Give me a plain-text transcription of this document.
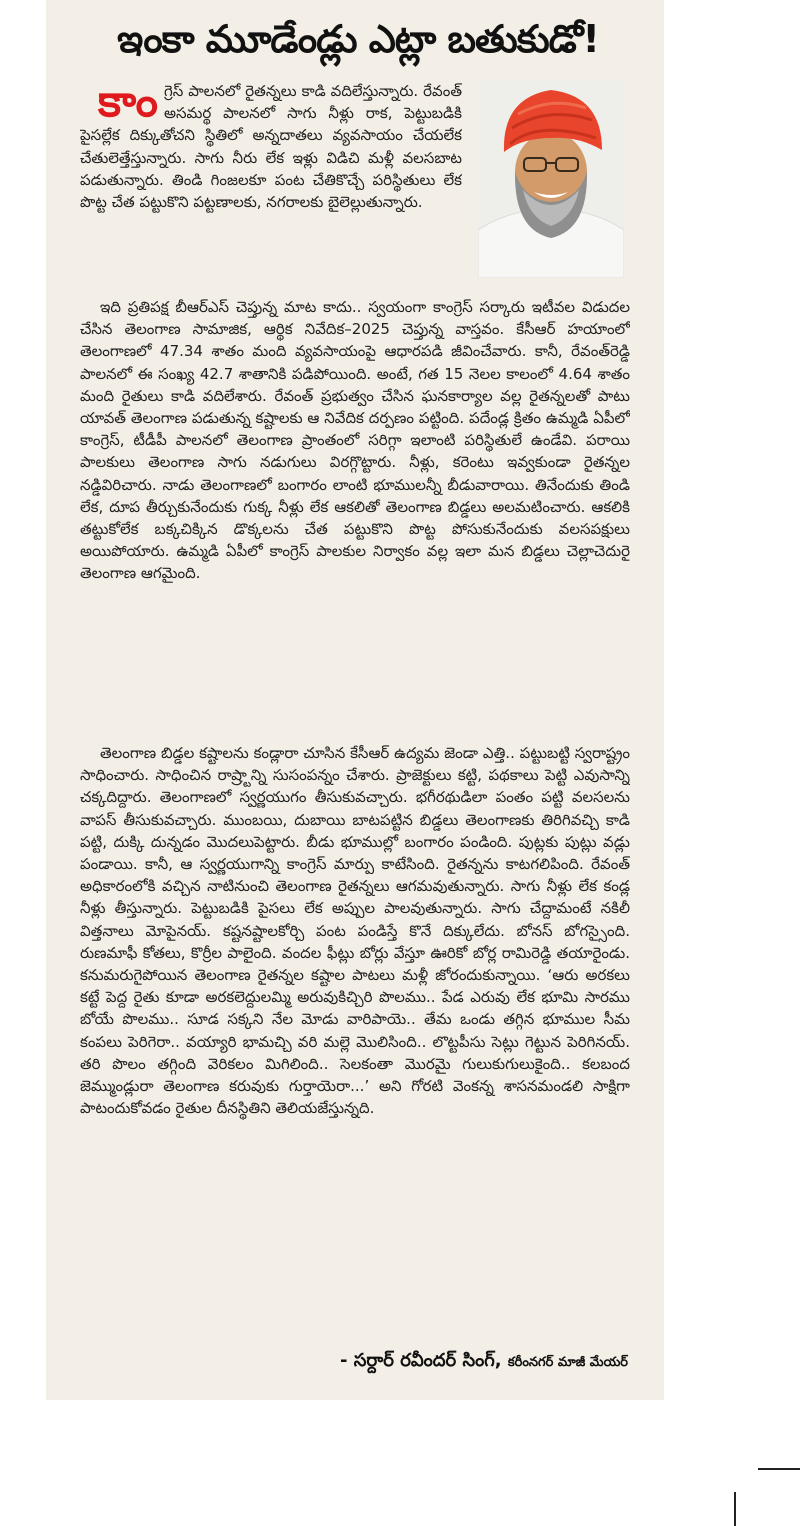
ఇంకా మూడేండ్లు ఎట్లా బతుకుడో!

కాంగ్రెస్ పాలనలో రైతన్నలు కాడి వదిలేస్తున్నారు. రేవంత్ అసమర్థ పాలనలో సాగు నీళ్లు రాక, పెట్టుబడికి పైసల్లేక దిక్కుతోచని స్థితిలో అన్నదాతలు వ్యవసాయం చేయలేక చేతులెత్తేస్తున్నారు. సాగు నీరు లేక ఇళ్లు విడిచి మళ్లీ వలసబాట పడుతున్నారు. తిండి గింజలకూ పంట చేతికొచ్చే పరిస్థితులు లేక పొట్ట చేత పట్టుకొని పట్టణాలకు, నగరాలకు బైలెల్లుతున్నారు.

ఇది ప్రతిపక్ష బీఆర్ఎస్ చెప్తున్న మాట కాదు.. స్వయంగా కాంగ్రెస్ సర్కారు ఇటీవల విడుదల చేసిన తెలంగాణ సామాజిక, ఆర్థిక నివేదిక–2025 చెప్తున్న వాస్తవం. కేసీఆర్ హయాంలో తెలంగాణలో 47.34 శాతం మంది వ్యవసాయంపై ఆధారపడి జీవించేవారు. కానీ, రేవంత్‌రెడ్డి పాలనలో ఈ సంఖ్య 42.7 శాతానికి పడిపోయింది. అంటే, గత 15 నెలల కాలంలో 4.64 శాతం మంది రైతులు కాడి వదిలేశారు. రేవంత్ ప్రభుత్వం చేసిన ఘనకార్యాల వల్ల రైతన్నలతో పాటు యావత్ తెలంగాణ పడుతున్న కష్టాలకు ఆ నివేదిక దర్పణం పట్టింది. పదేండ్ల క్రితం ఉమ్మడి ఏపీలో కాంగ్రెస్, టీడీపీ పాలనలో తెలంగాణ ప్రాంతంలో సరిగ్గా ఇలాంటి పరిస్థితులే ఉండేవి. పరాయి పాలకులు తెలంగాణ సాగు నడుగులు విరగ్గొట్టారు. నీళ్లు, కరెంటు ఇవ్వకుండా రైతన్నల నడ్డివిరిచారు. నాడు తెలంగాణలో బంగారం లాంటి భూములన్నీ బీడువారాయి. తినేందుకు తిండి లేక, దూప తీర్చుకునేందుకు గుక్క నీళ్లు లేక ఆకలితో తెలంగాణ బిడ్డలు అలమటించారు. ఆకలికి తట్టుకోలేక బక్కచిక్కిన డొక్కలను చేత పట్టుకొని పొట్ట పోసుకునేందుకు వలసపక్షులు అయిపోయారు. ఉమ్మడి ఏపీలో కాంగ్రెస్ పాలకుల నిర్వాకం వల్ల ఇలా మన బిడ్డలు చెల్లాచెదురై తెలంగాణ ఆగమైంది.

తెలంగాణ బిడ్డల కష్టాలను కండ్లారా చూసిన కేసీఆర్ ఉద్యమ జెండా ఎత్తి.. పట్టుబట్టి స్వరాష్ట్రం సాధించారు. సాధించిన రాష్ర్టాన్ని సుసంపన్నం చేశారు. ప్రాజెక్టులు కట్టి, పథకాలు పెట్టి ఎవుసాన్ని చక్కదిద్దారు. తెలంగాణలో స్వర్ణయుగం తీసుకువచ్చారు. భగీరథుడిలా పంతం పట్టి వలసలను వాపస్ తీసుకువచ్చారు. ముంబయి, దుబాయి బాటపట్టిన బిడ్డలు తెలంగాణకు తిరిగివచ్చి కాడి పట్టి, దుక్కి దున్నడం మొదలుపెట్టారు. బీడు భూముల్లో బంగారం పండింది. పుట్లకు పుట్లు వడ్లు పండాయి. కానీ, ఆ స్వర్ణయుగాన్ని కాంగ్రెస్ మార్పు కాటేసింది. రైతన్నను కాటగలిపింది. రేవంత్ అధికారంలోకి వచ్చిన నాటినుంచి తెలంగాణ రైతన్నలు ఆగమవుతున్నారు. సాగు నీళ్లు లేక కండ్ల నీళ్లు తీస్తున్నారు. పెట్టుబడికి పైసలు లేక అప్పుల పాలవుతున్నారు. సాగు చేద్దామంటే నకిలీ విత్తనాలు మోపైనయ్. కష్టనష్టాలకోర్చి పంట పండిస్తే కొనే దిక్కులేదు. బోనస్ బోగస్సైంది. రుణమాఫీ కోతలు, కొర్రీల పాలైంది. వందల ఫీట్లు బోర్లు వేస్తూ ఊరికో బోర్ల రామిరెడ్డి తయారైండు. కనుమరుగైపోయిన తెలంగాణ రైతన్నల కష్టాల పాటలు మళ్లీ జోరందుకున్నాయి. ‘ఆరు అరకలు కట్టే పెద్ద రైతు కూడా అరకలెద్దులమ్మి అరువుకిచ్చిరి పొలము.. పేడ ఎరువు లేక భూమి సారము బోయే పొలము.. సూడ సక్కని నేల మోడు వారిపాయె.. తేమ ఒండు తగ్గిన భూముల సీమ కంపలు పెరిగెరా.. వయ్యారి భామచ్చి వరి మల్లె మొలిసింది.. లొట్టపీసు సెట్లు గెట్టున పెరిగినయ్. తరి పొలం తగ్గింది వెరికలం మిగిలింది.. సెలకంతా మొరమై గులుకుగులుకైంది.. కలబంద జెమ్ముండ్లురా తెలంగాణ కరువుకు గుర్తాయెరా...’ అని గోరటి వెంకన్న శాసనమండలి సాక్షిగా పాటందుకోవడం రైతుల దీనస్థితిని తెలియజేస్తున్నది.

- సర్దార్ రవీందర్ సింగ్, కరీంనగర్ మాజీ మేయర్
